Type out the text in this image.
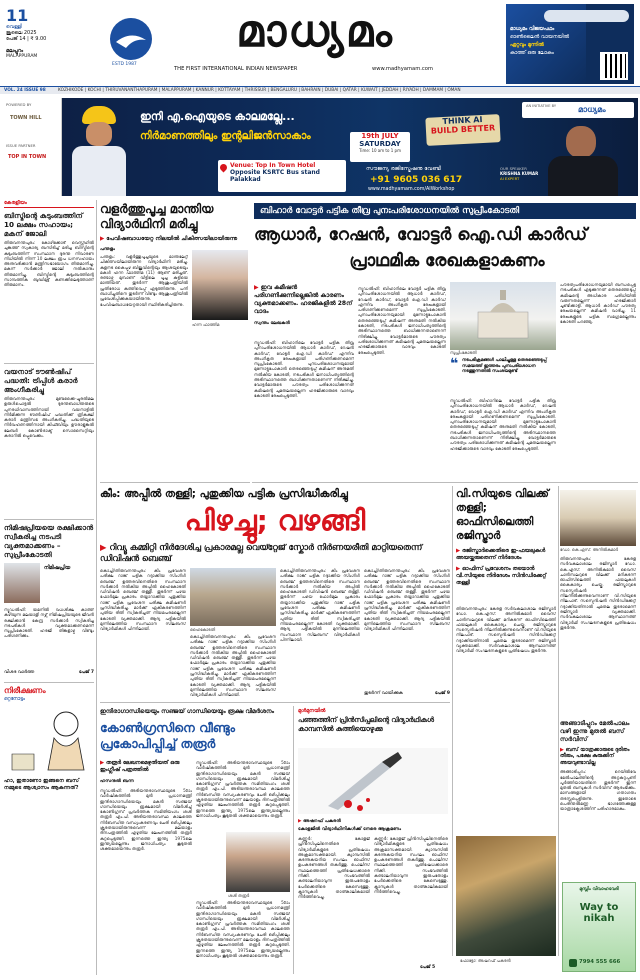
11
വെള്ളി
ജൂലൈ 2025
പേജ് 14 | ₹ 9.00
മലപ്പുറം
MALAPPURAM
ESTD 1987
മാധ്യമം
THE FIRST INTERNATIONAL INDIAN NEWSPAPER	www.madhyamam.com
മാധ്യമം വിജയപഥം
ഓൺലൈൻ വായനയിൽ
ഏറ്റവും മുന്നിൽ
കാത്ത് ഒരു ലോകം
VOL. 24 ISSUE 98	KOZHIKODE | KOCHI | THIRUVANANTHAPURAM | MALAPPURAM | KANNUR | KOTTAYAM | THRISSUR | BENGALURU | BAHRAIN | DUBAI | QATAR | KUWAIT | JEDDAH | RIYADH | DAMMAM | OMAN
POWERED BY
TOWN HILL
ISSUE PARTNER
TOP IN TOWN
ഇനി എ.ഐയുടെ കാലമല്ലേ...
നിർമാണത്തിലും ഇന്റലിജൻസാകാം	19th JULY
SATURDAY
Time: 10 am to 1 pm
Venue: Top In Town Hotel
Opposite KSRTC Bus stand
Palakkad
സൗജന്യ രജിസ്ട്രേഷനു വേണ്ടി
+91 9605 036 617
www.madhyamam.com/AIWorkshop
AN INITIATIVE BY	മാധ്യമം
THINK AI
BUILD BETTER
OUR SPEAKER
KRISHNA KUMAR
AI EXPERT
കേരളീയം
ബിസ്മിന്റെ കുടുംബത്തിന് 10 ലക്ഷം സഹായം; മകന് ജോലി
തിരുവനന്തപുരം: കോഴിക്കോട് വെസ്റ്റ്ഹിൽ ചുങ്കത്ത് സ്വകാര്യ ബസിടിച്ച് മരിച്ച ബിസ്മിന്റെ കുടുംബത്തിന് സംസ്ഥാന ദുരന്ത നിവാരണ നിധിയിൽ നിന്ന് 10 ലക്ഷം രൂപ ധനസഹായം അനുവദിക്കാൻ മന്ത്രിസഭായോഗം തീരുമാനിച്ചു. മകന് സർക്കാർ ജോലി നൽകാനും തീരുമാനിച്ചു. ബിസ്മിന്റെ കുടുംബത്തിന്റെ സാമ്പത്തിക ബുദ്ധിമുട്ട് കണക്കിലെടുത്താണ് തീരുമാനം.
വയനാട് ടൗൺഷിപ് പദ്ധതി: ട്രിപ്പിൾ കരാർ അംഗീകരിച്ചു
തിരുവനന്തപുരം: മുണ്ടക്കൈ-ചൂരൽമല ഉരുൾപൊട്ടൽ ദുരന്തബാധിതരുടെ പുനരധിവാസത്തിനായി വയനാട്ടിൽ നിർമിക്കുന്ന ടൗൺഷിപ് പദ്ധതിക്ക് ത്രികക്ഷി കരാർ മന്ത്രിസഭ അംഗീകരിച്ചു. പദ്ധതിയുടെ നിർവഹണത്തിനായി കിഫ്ബിയും ഊരാളുങ്കൽ ലേബർ കോൺട്രാക്ട് സൊസൈറ്റിയും കരാറിൽ ഒപ്പുവെക്കും.
നിമിഷപ്രിയയെ രക്ഷിക്കാൻ സ്വീകരിച്ച നടപടി വ്യക്തമാക്കണം –സുപ്രീംകോടതി
നിമിഷപ്രിയ
ന്യൂഡൽഹി: യമനിൽ വധശിക്ഷ കാത്ത് കഴിയുന്ന മലയാളി നഴ്സ് നിമിഷപ്രിയയുടെ ജീവൻ രക്ഷിക്കാൻ കേന്ദ്ര സർക്കാർ സ്വീകരിച്ച നടപടികൾ വ്യക്തമാക്കണമെന്ന് സുപ്രീംകോടതി. ഹരജി തിങ്കളാഴ്ച വീണ്ടും പരിഗണിക്കും.
വിശദ വാർത്ത	പേജ് 7
നിരീക്ഷണം
ഒറ്റനോട്ടം
ഹാ, ഇതാണോ ഇങ്ങനെ ബസ് നമ്മുടെ ആശ്വാസം ആകുന്നത്?
വളർത്തുപൂച്ച മാന്തിയ വിദ്യാർഥിനി മരിച്ചു
▶ പേവിഷബാധയേറ്റ നിലയിൽ ചികിത്സയിലായിരുന്നു
പന്തളം
പന്തളം: വളർത്തുപൂച്ചയുടെ മാന്തലേറ്റ് ചികിത്സയിലായിരുന്ന വിദ്യാർഥിനി മരിച്ചു. കുളനട കൈപ്പുഴ ബിജുവിന്റെയും ആശയുടെയും മകൾ ഹന്ന ഫാത്തിമ (11) ആണ് മരിച്ചത്. രണ്ടാഴ്ച മുമ്പാണ് വീട്ടിലെ പൂച്ച കുട്ടിയെ മാന്തിയത്. തുടർന്ന് ആശുപത്രിയിൽ പ്രതിരോധ കുത്തിവെപ്പ് എടുത്തിരുന്നു. പനി ബാധിച്ചതിനെ തുടർന്ന് വീണ്ടും ആശുപത്രിയിൽ പ്രവേശിപ്പിക്കുകയായിരുന്നു. പേവിഷബാധയേറ്റതായി സ്ഥിരീകരിച്ചിരുന്നു.
ഹന്ന ഫാത്തിമ
ബിഹാർ വോട്ടർ പട്ടിക തീവ്ര പുനഃപരിശോധനയിൽ സുപ്രീംകോടതി
ആധാർ, റേഷൻ, വോട്ടർ ഐ.ഡി കാർഡ്
പ്രാഥമിക രേഖകളാകണം
▶ ഇവ കമീഷൻ പരിഗണിക്കുന്നില്ലെങ്കിൽ കാരണം വ്യക്തമാക്കണം. ഹരജികളിൽ 28ന് വാദം
സ്വന്തം ലേഖകൻ
ന്യൂഡൽഹി: ബിഹാറിലെ വോട്ടർ പട്ടിക തീവ്ര പുനഃപരിശോധനയിൽ ആധാർ കാർഡ്, റേഷൻ കാർഡ്, വോട്ടർ ഐ.ഡി കാർഡ് എന്നിവ അംഗീകൃത രേഖകളായി പരിഗണിക്കണമെന്ന് സുപ്രീംകോടതി. പുനഃപരിശോധനയുമായി മുന്നോട്ടുപോകാൻ തെരഞ്ഞെടുപ്പ് കമീഷന് അനുമതി നൽകിയ കോടതി, നടപടികൾ ജനാധിപത്യത്തിന്റെ അടിസ്ഥാനത്തെ ബാധിക്കുന്നതാണെന്ന് നിരീക്ഷിച്ചു. വോട്ടർമാരുടെ പൗരത്വം പരിശോധിക്കുന്നത് കമീഷന്റെ ചുമതലയല്ലെന്ന ഹരജിക്കാരുടെ വാദവും കോടതി രേഖപ്പെടുത്തി.
ന്യൂഡൽഹി: ബിഹാറിലെ വോട്ടർ പട്ടിക തീവ്ര പുനഃപരിശോധനയിൽ ആധാർ കാർഡ്, റേഷൻ കാർഡ്, വോട്ടർ ഐ.ഡി കാർഡ് എന്നിവ അംഗീകൃത രേഖകളായി പരിഗണിക്കണമെന്ന് സുപ്രീംകോടതി. പുനഃപരിശോധനയുമായി മുന്നോട്ടുപോകാൻ തെരഞ്ഞെടുപ്പ് കമീഷന് അനുമതി നൽകിയ കോടതി, നടപടികൾ ജനാധിപത്യത്തിന്റെ അടിസ്ഥാനത്തെ ബാധിക്കുന്നതാണെന്ന് നിരീക്ഷിച്ചു. വോട്ടർമാരുടെ പൗരത്വം പരിശോധിക്കുന്നത് കമീഷന്റെ ചുമതലയല്ലെന്ന ഹരജിക്കാരുടെ വാദവും കോടതി രേഖപ്പെടുത്തി.	സുപ്രീംകോടതി
❝ നടപടിക്രമങ്ങൾ പാലിച്ചുള്ള തെരഞ്ഞെടുപ്പ് സമയത്ത് ഇത്തരം പുനഃപരിശോധന നടത്തുന്നതിൽ സംശയമുണ്ട്
ന്യൂഡൽഹി: ബിഹാറിലെ വോട്ടർ പട്ടിക തീവ്ര പുനഃപരിശോധനയിൽ ആധാർ കാർഡ്, റേഷൻ കാർഡ്, വോട്ടർ ഐ.ഡി കാർഡ് എന്നിവ അംഗീകൃത രേഖകളായി പരിഗണിക്കണമെന്ന് സുപ്രീംകോടതി. പുനഃപരിശോധനയുമായി മുന്നോട്ടുപോകാൻ തെരഞ്ഞെടുപ്പ് കമീഷന് അനുമതി നൽകിയ കോടതി, നടപടികൾ ജനാധിപത്യത്തിന്റെ അടിസ്ഥാനത്തെ ബാധിക്കുന്നതാണെന്ന് നിരീക്ഷിച്ചു. വോട്ടർമാരുടെ പൗരത്വം പരിശോധിക്കുന്നത് കമീഷന്റെ ചുമതലയല്ലെന്ന ഹരജിക്കാരുടെ വാദവും കോടതി രേഖപ്പെടുത്തി.
പൗരത്വപരിശോധനയുമായി ബന്ധപ്പെട്ട നടപടികൾ എടുക്കുന്നത് തെരഞ്ഞെടുപ്പ് കമീഷന്റെ അധികാര പരിധിയിൽ വരുന്നതല്ലെന്ന് ഹരജിക്കാർ ചൂണ്ടിക്കാട്ടി. ആധാർ കാർഡ് പൗരത്വ രേഖയല്ലെന്ന് കമീഷൻ വാദിച്ചു. 11 രേഖകളുടെ പട്ടിക സമഗ്രമല്ലെന്നും കോടതി പറഞ്ഞു.
കീം: അപ്പീൽ തള്ളി; പുതുക്കിയ പട്ടിക പ്രസിദ്ധീകരിച്ചു
പിഴച്ചു; വഴങ്ങി
▶ റിവ്യൂ കമ്മിറ്റി നിർദേശിച്ച പ്രകാരമല്ല വെയ്റ്റേജ് സ്കോർ നിർണയരീതി മാറ്റിയതെന്ന് ഡിവിഷൻ ബെഞ്ച്
കൊച്ചി/തിരുവനന്തപുരം: കീം പ്രവേശന പരീക്ഷ റാങ്ക് പട്ടിക റദ്ദാക്കിയ സിംഗിൾ ബെഞ്ച് ഉത്തരവിനെതിരെ സംസ്ഥാന സർക്കാർ നൽകിയ അപ്പീൽ ഹൈകോടതി ഡിവിഷൻ ബെഞ്ച് തള്ളി. തുടർന്ന് പഴയ ഫോർമുല പ്രകാരം തയ്യാറാക്കിയ പുതുക്കിയ റാങ്ക് പട്ടിക പ്രവേശന പരീക്ഷ കമീഷണർ പ്രസിദ്ധീകരിച്ചു. മാർക്ക് ഏകീകരണത്തിന് പുതിയ രീതി സ്വീകരിച്ചത് നിയമപരമല്ലെന്ന് കോടതി വ്യക്തമാക്കി. ആദ്യ പട്ടികയിൽ മുന്നിലെത്തിയ സംസ്ഥാന സിലബസ് വിദ്യാർഥികൾ പിന്നിലായി.	ഹൈകോടതി
കൊച്ചി/തിരുവനന്തപുരം: കീം പ്രവേശന പരീക്ഷ റാങ്ക് പട്ടിക റദ്ദാക്കിയ സിംഗിൾ ബെഞ്ച് ഉത്തരവിനെതിരെ സംസ്ഥാന സർക്കാർ നൽകിയ അപ്പീൽ ഹൈകോടതി ഡിവിഷൻ ബെഞ്ച് തള്ളി. തുടർന്ന് പഴയ ഫോർമുല പ്രകാരം തയ്യാറാക്കിയ പുതുക്കിയ റാങ്ക് പട്ടിക പ്രവേശന പരീക്ഷ കമീഷണർ പ്രസിദ്ധീകരിച്ചു. മാർക്ക് ഏകീകരണത്തിന് പുതിയ രീതി സ്വീകരിച്ചത് നിയമപരമല്ലെന്ന് കോടതി വ്യക്തമാക്കി. ആദ്യ പട്ടികയിൽ മുന്നിലെത്തിയ സംസ്ഥാന സിലബസ് വിദ്യാർഥികൾ പിന്നിലായി.
കൊച്ചി/തിരുവനന്തപുരം: കീം പ്രവേശന പരീക്ഷ റാങ്ക് പട്ടിക റദ്ദാക്കിയ സിംഗിൾ ബെഞ്ച് ഉത്തരവിനെതിരെ സംസ്ഥാന സർക്കാർ നൽകിയ അപ്പീൽ ഹൈകോടതി ഡിവിഷൻ ബെഞ്ച് തള്ളി. തുടർന്ന് പഴയ ഫോർമുല പ്രകാരം തയ്യാറാക്കിയ പുതുക്കിയ റാങ്ക് പട്ടിക പ്രവേശന പരീക്ഷ കമീഷണർ പ്രസിദ്ധീകരിച്ചു. മാർക്ക് ഏകീകരണത്തിന് പുതിയ രീതി സ്വീകരിച്ചത് നിയമപരമല്ലെന്ന് കോടതി വ്യക്തമാക്കി. ആദ്യ പട്ടികയിൽ മുന്നിലെത്തിയ സംസ്ഥാന സിലബസ് വിദ്യാർഥികൾ പിന്നിലായി.
കൊച്ചി/തിരുവനന്തപുരം: കീം പ്രവേശന പരീക്ഷ റാങ്ക് പട്ടിക റദ്ദാക്കിയ സിംഗിൾ ബെഞ്ച് ഉത്തരവിനെതിരെ സംസ്ഥാന സർക്കാർ നൽകിയ അപ്പീൽ ഹൈകോടതി ഡിവിഷൻ ബെഞ്ച് തള്ളി. തുടർന്ന് പഴയ ഫോർമുല പ്രകാരം തയ്യാറാക്കിയ പുതുക്കിയ റാങ്ക് പട്ടിക പ്രവേശന പരീക്ഷ കമീഷണർ പ്രസിദ്ധീകരിച്ചു. മാർക്ക് ഏകീകരണത്തിന് പുതിയ രീതി സ്വീകരിച്ചത് നിയമപരമല്ലെന്ന് കോടതി വ്യക്തമാക്കി. ആദ്യ പട്ടികയിൽ മുന്നിലെത്തിയ സംസ്ഥാന സിലബസ് വിദ്യാർഥികൾ പിന്നിലായി.
തുടർന്ന് വായിക്കുക	പേജ് 9
വി.സിയുടെ വിലക്ക് തള്ളി; ഓഫിസിലെത്തി രജിസ്ട്രാർ
▶ രജിസ്ട്രാർക്കെതിരെ ഇ-ഫയലുകൾ അയയ്ക്കരുതെന്ന് നിർദേശം
▶ ഓഫിസ് പ്രവേശനം തടയാൻ വി.സിയുടെ നിർദേശം സിൻഡിക്കേറ്റ് തള്ളി
തിരുവനന്തപുരം: കേരള സർവകലാശാല രജിസ്ട്രാർ ഡോ. കെ.എസ്. അനിൽകുമാർ വൈസ് ചാൻസലറുടെ വിലക്ക് മറികടന്ന് ഓഫിസിലെത്തി ഫയലുകൾ കൈകാര്യം ചെയ്തു. രജിസ്ട്രാറുടെ സസ്പെൻഷൻ നിലനിൽക്കുന്നുവെന്നാണ് വി.സിയുടെ നിലപാട്. സസ്പെൻഷൻ സിൻഡിക്കേറ്റ് റദ്ദാക്കിയതിനാൽ ചുമതല തുടരാമെന്ന് രജിസ്ട്രാർ വ്യക്തമാക്കി. സർവകലാശാല ആസ്ഥാനത്ത് വിദ്യാർഥി സംഘടനകളുടെ പ്രതിഷേധം തുടർന്നു.
ഡോ. കെ.എസ്. അനിൽകുമാർ
തിരുവനന്തപുരം: കേരള സർവകലാശാല രജിസ്ട്രാർ ഡോ. കെ.എസ്. അനിൽകുമാർ വൈസ് ചാൻസലറുടെ വിലക്ക് മറികടന്ന് ഓഫിസിലെത്തി ഫയലുകൾ കൈകാര്യം ചെയ്തു. രജിസ്ട്രാറുടെ സസ്പെൻഷൻ നിലനിൽക്കുന്നുവെന്നാണ് വി.സിയുടെ നിലപാട്. സസ്പെൻഷൻ സിൻഡിക്കേറ്റ് റദ്ദാക്കിയതിനാൽ ചുമതല തുടരാമെന്ന് രജിസ്ട്രാർ വ്യക്തമാക്കി. സർവകലാശാല ആസ്ഥാനത്ത് വിദ്യാർഥി സംഘടനകളുടെ പ്രതിഷേധം തുടർന്നു.
ഫോട്ടോ: അഷറഫ് പകരൻ
അങ്ങാടിപ്പുറം മേൽപാലം വഴി ഇന്നു മുതൽ ബസ് സർവിസ്
▶ ബസ് യാത്രക്കാരുടെ ദുരിതം തീരും, പക്ഷേ കുരുക്കിന് അയവുണ്ടാവില്ല
അങ്ങാടിപ്പുറം: റെയിൽവേ മേൽപാലത്തിന്റെ അറ്റകുറ്റപ്പണി പൂർത്തിയായതിനെ തുടർന്ന് ഇന്ന് മുതൽ ബസുകൾ സർവിസ് ആരംഭിക്കും. മാസങ്ങളായി ഗതാഗതം തടസ്സപ്പെട്ടിരുന്നു. ഇതോടെ പെരിന്തൽമണ്ണ ഭാഗത്തേക്കുള്ള യാത്രാക്ലേശത്തിന് പരിഹാരമാകും.
മുസ്ലിം വിവാഹവേദി
Way to nikah
7994 555 666
ഇന്ദിരാഗാന്ധിയെയും സഞ്ജയ് ഗാന്ധിയെയും രൂക്ഷ വിമർശനം
കോൺഗ്രസിനെ വീണ്ടും പ്രകോപിപ്പിച്ച് തരൂർ
▶ തരൂർ ലേഖനമെഴുതിയത് ഒരു ഇംഗ്ലീഷ് പത്രത്തിൽ
ഹസനുൽ ബന്ന
ന്യൂഡൽഹി: അടിയന്തരാവസ്ഥയുടെ 50ാം വാർഷികത്തിൽ മുൻ പ്രധാനമന്ത്രി ഇന്ദിരാഗാന്ധിയെയും മകൻ സഞ്ജയ് ഗാന്ധിയെയും രൂക്ഷമായി വിമർശിച്ച് കോൺഗ്രസ് പ്രവർത്തക സമിതിയംഗം ശശി തരൂർ എം.പി. അടിയന്തരാവസ്ഥ കാലത്തെ നിർബന്ധിത വന്ധ്യംകരണവും ചേരി ഒഴിപ്പിക്കലും ക്രൂരതയായിരുന്നുവെന്ന് മലയാളം ദിനപത്രത്തിൽ എഴുതിയ ലേഖനത്തിൽ തരൂർ കുറ്റപ്പെടുത്തി. ഇന്നത്തെ ഇന്ത്യ 1975ലെ ഇന്ത്യയല്ലെന്നും ജനാധിപത്യം കൂടുതൽ ശക്തമായെന്നും തരൂർ.
ന്യൂഡൽഹി: അടിയന്തരാവസ്ഥയുടെ 50ാം വാർഷികത്തിൽ മുൻ പ്രധാനമന്ത്രി ഇന്ദിരാഗാന്ധിയെയും മകൻ സഞ്ജയ് ഗാന്ധിയെയും രൂക്ഷമായി വിമർശിച്ച് കോൺഗ്രസ് പ്രവർത്തക സമിതിയംഗം ശശി തരൂർ എം.പി. അടിയന്തരാവസ്ഥ കാലത്തെ നിർബന്ധിത വന്ധ്യംകരണവും ചേരി ഒഴിപ്പിക്കലും ക്രൂരതയായിരുന്നുവെന്ന് മലയാളം ദിനപത്രത്തിൽ എഴുതിയ ലേഖനത്തിൽ തരൂർ കുറ്റപ്പെടുത്തി. ഇന്നത്തെ ഇന്ത്യ 1975ലെ ഇന്ത്യയല്ലെന്നും ജനാധിപത്യം കൂടുതൽ ശക്തമായെന്നും തരൂർ.
ശശി തരൂർ
ന്യൂഡൽഹി: അടിയന്തരാവസ്ഥയുടെ 50ാം വാർഷികത്തിൽ മുൻ പ്രധാനമന്ത്രി ഇന്ദിരാഗാന്ധിയെയും മകൻ സഞ്ജയ് ഗാന്ധിയെയും രൂക്ഷമായി വിമർശിച്ച് കോൺഗ്രസ് പ്രവർത്തക സമിതിയംഗം ശശി തരൂർ എം.പി. അടിയന്തരാവസ്ഥ കാലത്തെ നിർബന്ധിത വന്ധ്യംകരണവും ചേരി ഒഴിപ്പിക്കലും ക്രൂരതയായിരുന്നുവെന്ന് മലയാളം ദിനപത്രത്തിൽ എഴുതിയ ലേഖനത്തിൽ തരൂർ കുറ്റപ്പെടുത്തി. ഇന്നത്തെ ഇന്ത്യ 1975ലെ ഇന്ത്യയല്ലെന്നും ജനാധിപത്യം കൂടുതൽ ശക്തമായെന്നും തരൂർ.
മുൾമുനയിൽ
പഞ്ഞത്തിന് പ്രിൻസിപ്പലിന്റെ വിദ്യാർഥികൾ കാമ്പസിൽ കുത്തിയൊഴുക്കു
▶ അഷറഫ് പകരൻ
കോളജിൽ വിദ്യാർഥിനികൾക്ക് നേരെ ആക്രമണം
കണ്ണൂർ: കോളജ് പ്രിൻസിപ്പലിനെതിരെ വിദ്യാർഥികളുടെ പ്രതിഷേധം അക്രമാസക്തമായി. ക്യാമ്പസിൽ കടന്നുകയറിയ സംഘം ഓഫിസ് ഉപകരണങ്ങൾ തകർത്തു. പൊലീസ് സ്ഥലത്തെത്തി പ്രതിഷേധക്കാരെ നീക്കി. സംഭവത്തിൽ കണ്ടാലറിയാവുന്ന ഇരുപതോളം പേർക്കെതിരെ കേസെടുത്തു. ക്ലാസുകൾ താത്കാലികമായി നിർത്തിവെച്ചു.
കണ്ണൂർ: കോളജ് പ്രിൻസിപ്പലിനെതിരെ വിദ്യാർഥികളുടെ പ്രതിഷേധം അക്രമാസക്തമായി. ക്യാമ്പസിൽ കടന്നുകയറിയ സംഘം ഓഫിസ് ഉപകരണങ്ങൾ തകർത്തു. പൊലീസ് സ്ഥലത്തെത്തി പ്രതിഷേധക്കാരെ നീക്കി. സംഭവത്തിൽ കണ്ടാലറിയാവുന്ന ഇരുപതോളം പേർക്കെതിരെ കേസെടുത്തു. ക്ലാസുകൾ താത്കാലികമായി നിർത്തിവെച്ചു.
പേജ് 5
